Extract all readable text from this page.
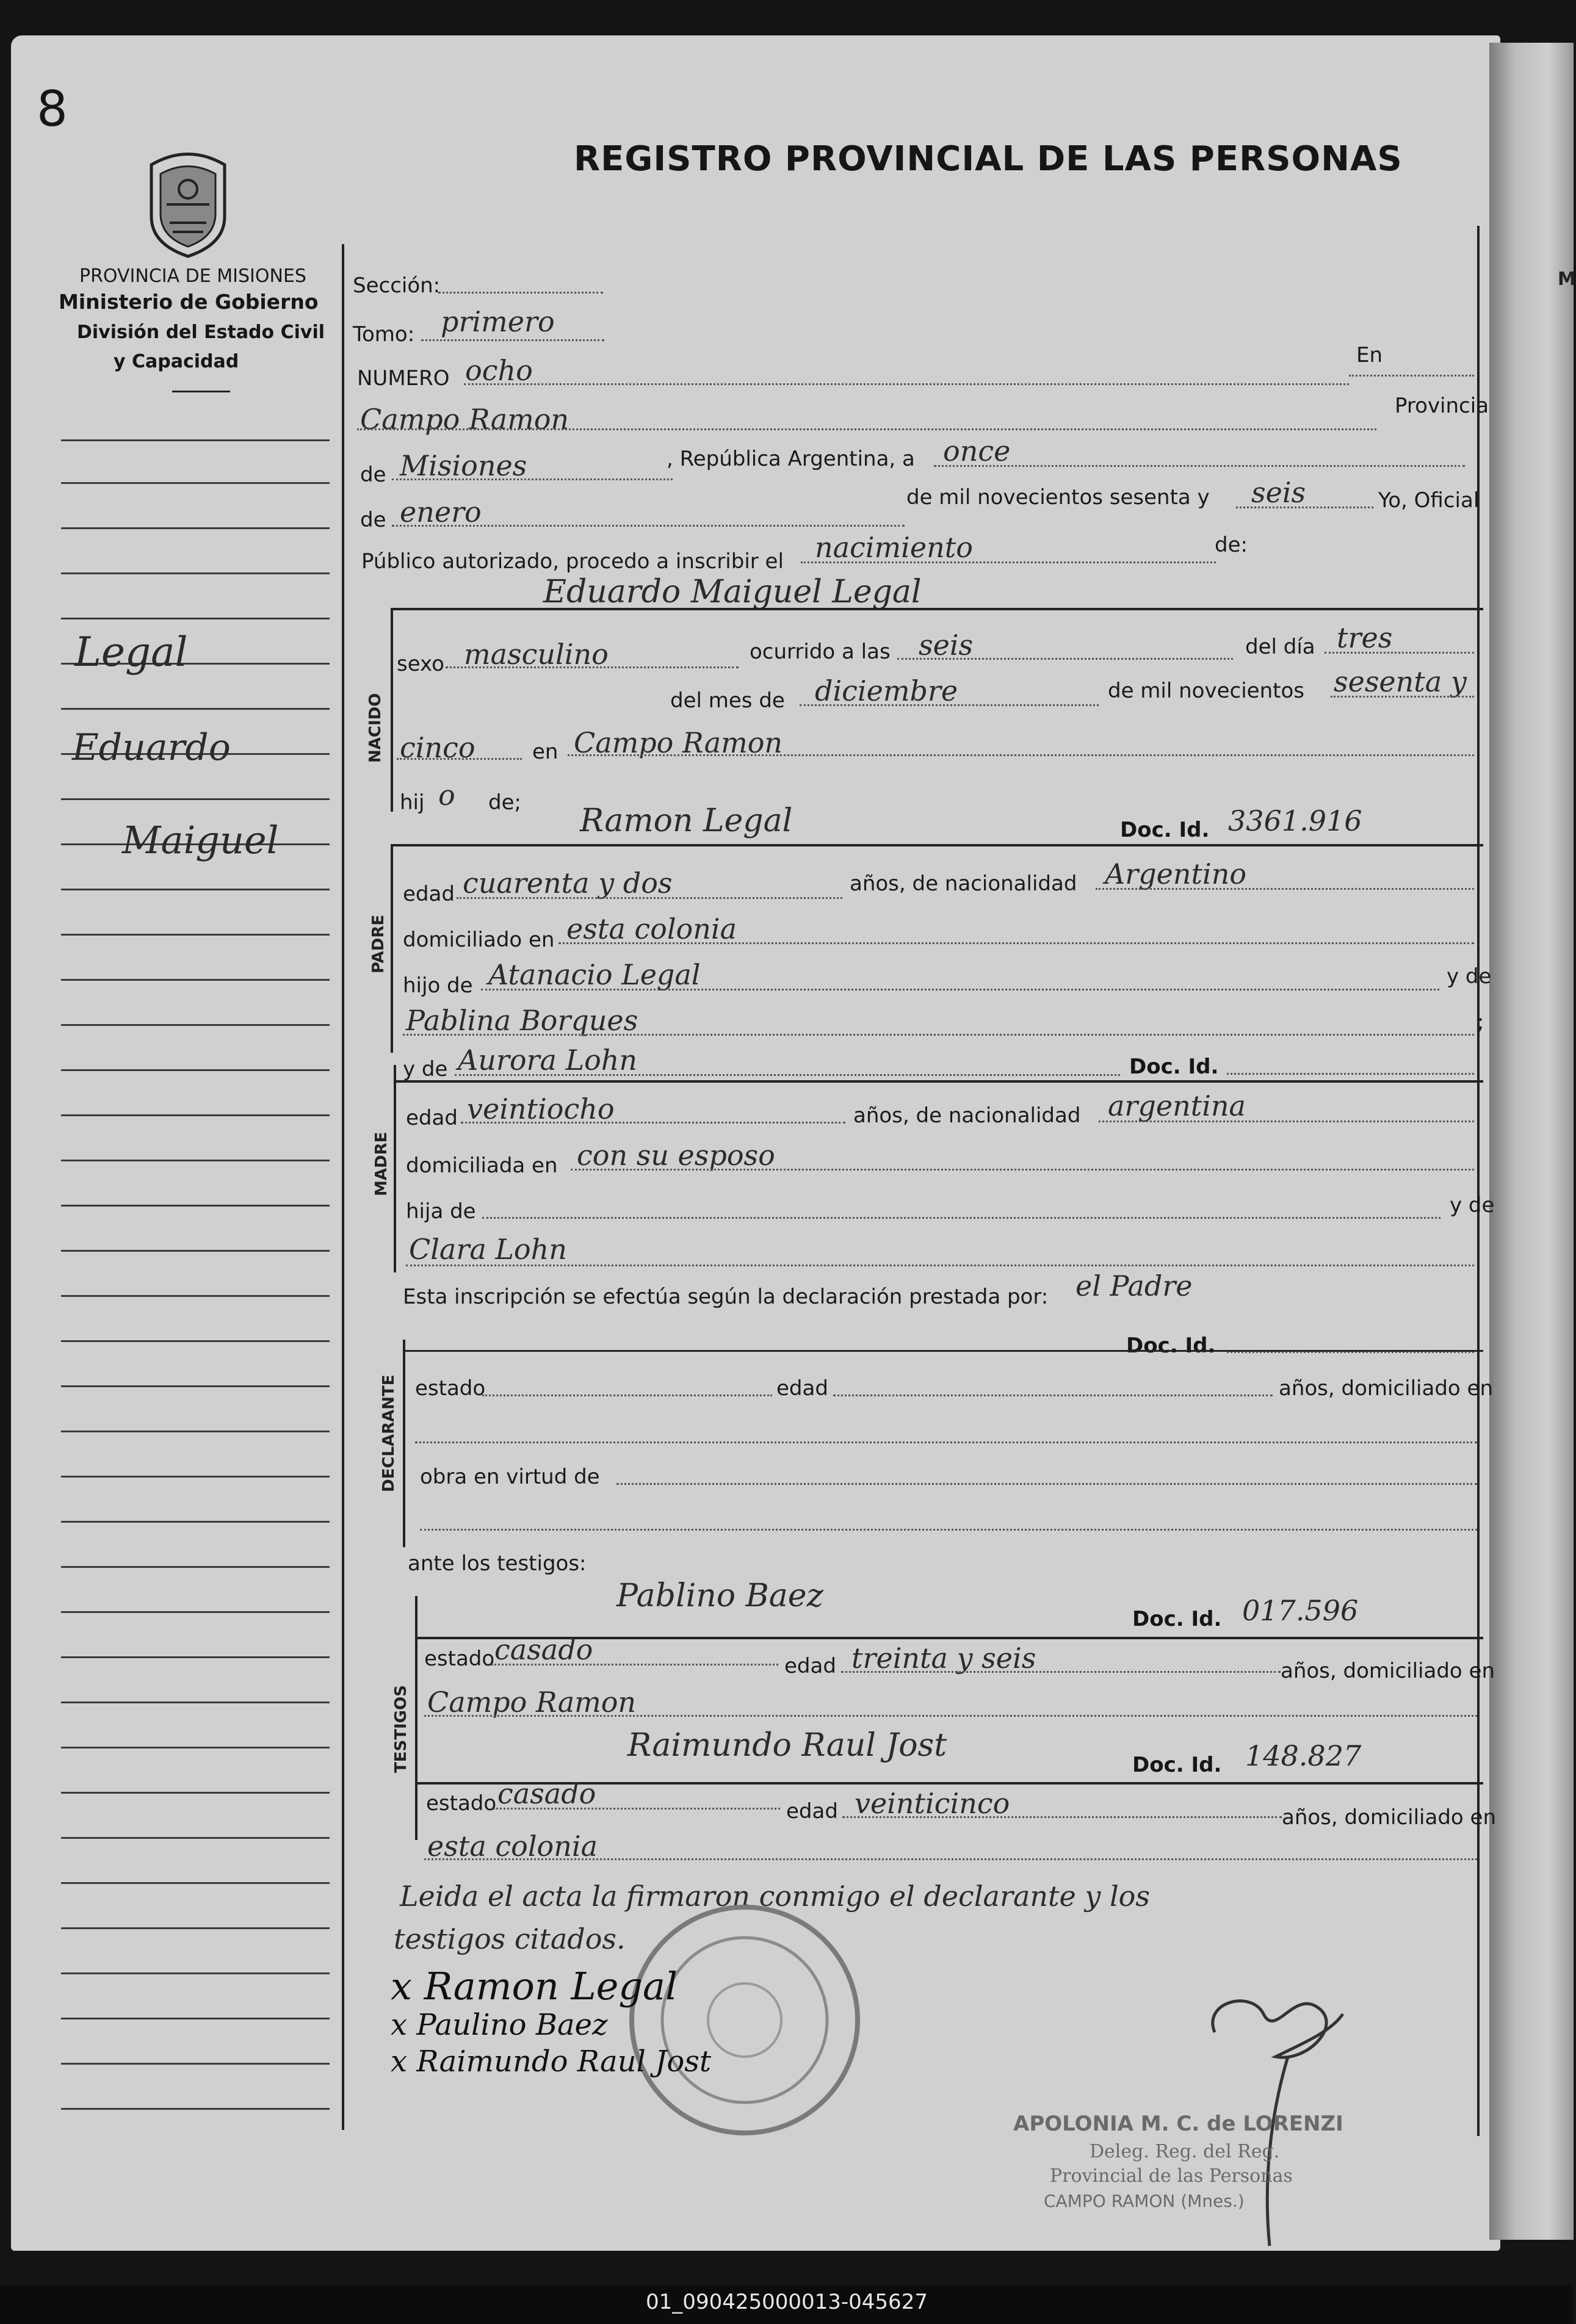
M
8
PROVINCIA DE MISIONES
Ministerio de Gobierno
División del Estado Civil
y Capacidad
REGISTRO PROVINCIAL DE LAS PERSONAS
Legal
Eduardo
Maiguel
NACIDO
PADRE
MADRE
DECLARANTE
TESTIGOS
Sección:
Tomo: primero
NUMERO ocho	En
Campo Ramon	Provincia
de Misiones	, República Argentina, a once
de enero	de mil novecientos sesenta y seis	Yo, Oficial
Público autorizado, procedo a inscribir el nacimiento	de:
Eduardo Maiguel Legal
sexo masculino	ocurrido a las seis	del día tres
del mes de diciembre	de mil novecientos sesenta y
cinco	en Campo Ramon
hij o de; Ramon Legal	Doc. Id. 3361.916
edad cuarenta y dos	años, de nacionalidad Argentino
domiciliado en esta colonia
hijo de Atanacio Legal	y de
Pablina Borques	;
y de Aurora Lohn	Doc. Id.
edad veintiocho	años, de nacionalidad argentina
domiciliada en con su esposo
hija de	y de
Clara Lohn
Esta inscripción se efectúa según la declaración prestada por: el Padre
Doc. Id.
estado	edad	años, domiciliado en
obra en virtud de
ante los testigos:
Pablino Baez
Doc. Id. 017.596
estado casado	edad treinta y seis	años, domiciliado en
Campo Ramon
Raimundo Raul Jost
Doc. Id. 148.827
estado casado
edad veinticinco	años, domiciliado en
esta colonia
Leida el acta la firmaron conmigo el declarante y los
testigos citados.
x Ramon Legal
x Paulino Baez
x Raimundo Raul Jost
APOLONIA M. C. de LORENZI
Deleg. Reg. del Reg.
Provincial de las Personas
CAMPO RAMON (Mnes.)
01_090425000013-045627
